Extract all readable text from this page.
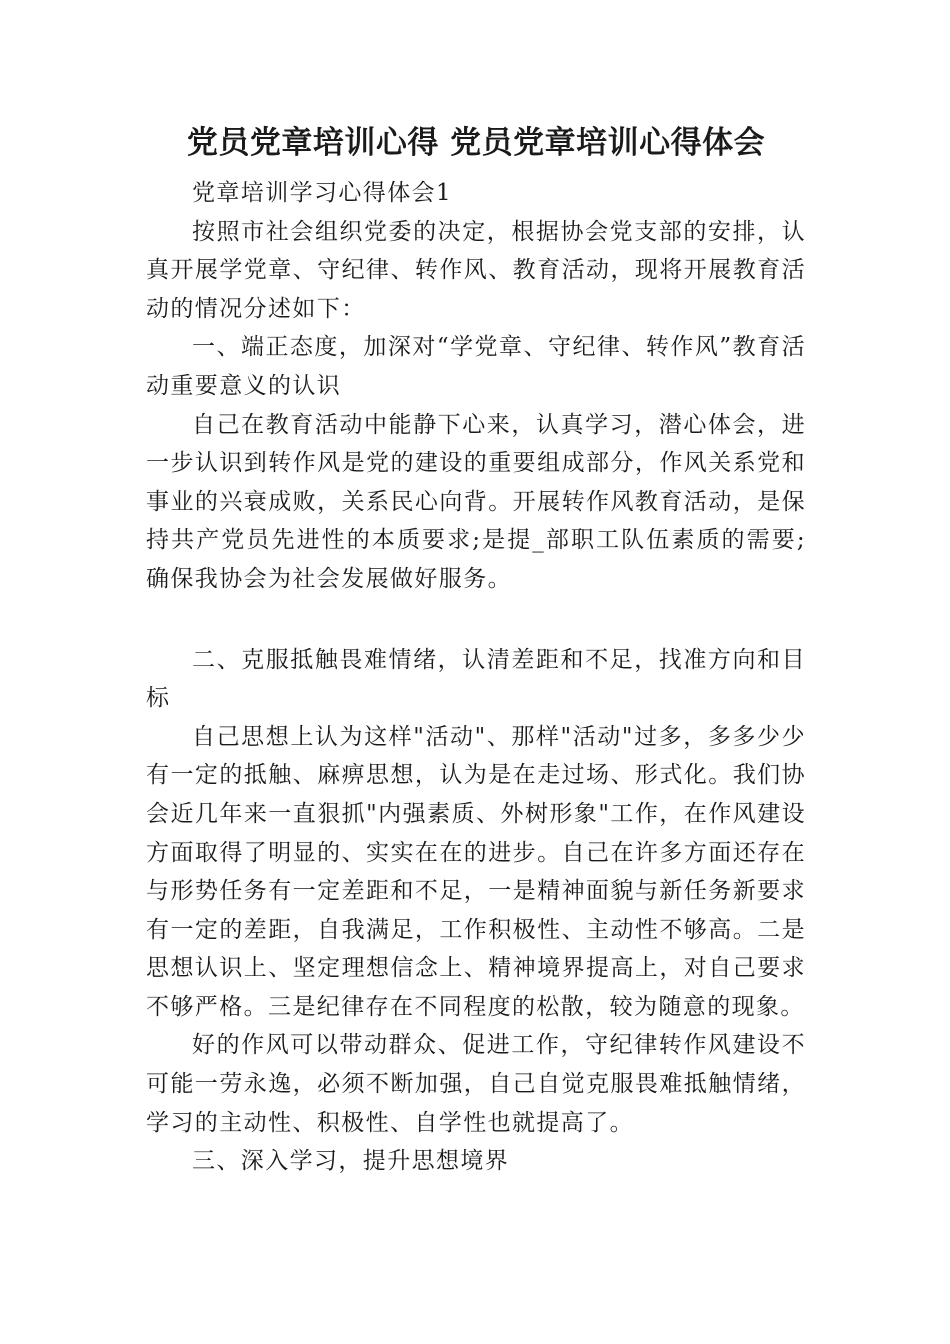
党员党章培训心得 党员党章培训心得体会

党章培训学习心得体会1

按照市社会组织党委的决定，根据协会党支部的安排，认真开展学党章、守纪律、转作风、教育活动，现将开展教育活动的情况分述如下：

一、端正态度，加深对“学党章、守纪律、转作风”教育活动重要意义的认识

自己在教育活动中能静下心来，认真学习，潜心体会，进一步认识到转作风是党的建设的重要组成部分，作风关系党和事业的兴衰成败，关系民心向背。开展转作风教育活动，是保持共产党员先进性的本质要求;是提_部职工队伍素质的需要;确保我协会为社会发展做好服务。

二、克服抵触畏难情绪，认清差距和不足，找准方向和目标

自己思想上认为这样"活动"、那样"活动"过多，多多少少有一定的抵触、麻痹思想，认为是在走过场、形式化。我们协会近几年来一直狠抓"内强素质、外树形象"工作，在作风建设方面取得了明显的、实实在在的进步。自己在许多方面还存在与形势任务有一定差距和不足，一是精神面貌与新任务新要求有一定的差距，自我满足，工作积极性、主动性不够高。二是思想认识上、坚定理想信念上、精神境界提高上，对自己要求不够严格。三是纪律存在不同程度的松散，较为随意的现象。

好的作风可以带动群众、促进工作，守纪律转作风建设不可能一劳永逸，必须不断加强，自己自觉克服畏难抵触情绪，学习的主动性、积极性、自学性也就提高了。

三、深入学习，提升思想境界
